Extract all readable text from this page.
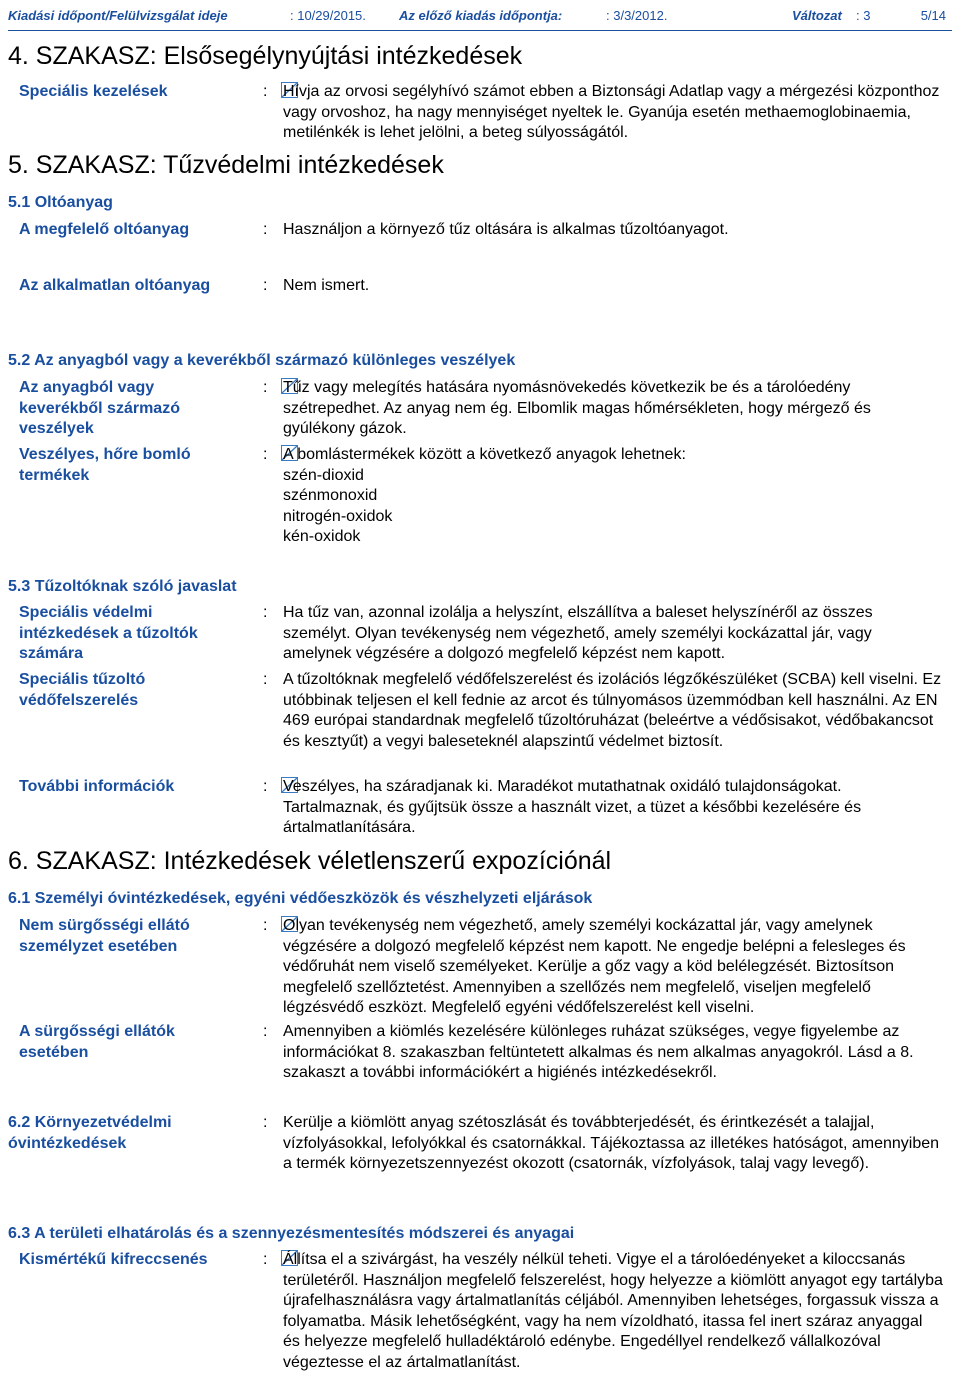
Kiadási időpont/Felülvizsgálat ideje	: 10/29/2015.	Az előző kiadás időpontja:	: 3/3/2012.	Változat : 3	5/14
4. SZAKASZ: Elsősegélynyújtási intézkedések
Speciális kezelések	: Hívja az orvosi segélyhívó számot ebben a Biztonsági Adatlap vagy a mérgezési központhoz vagy orvoshoz, ha nagy mennyiséget nyeltek le. Gyanúja esetén methaemoglobinaemia, metilénkék is lehet jelölni, a beteg súlyosságától.
5. SZAKASZ: Tűzvédelmi intézkedések
5.1 Oltóanyag
A megfelelő oltóanyag	: Használjon a környező tűz oltására is alkalmas tűzoltóanyagot.
Az alkalmatlan oltóanyag	: Nem ismert.
5.2 Az anyagból vagy a keverékből származó különleges veszélyek
Az anyagból vagy keverékből származó veszélyek
: Tűz vagy melegítés hatására nyomásnövekedés következik be és a tárolóedény szétrepedhet. Az anyag nem ég. Elbomlik magas hőmérsékleten, hogy mérgező és gyúlékony gázok.
Veszélyes, hőre bomló termékek
: A bomlástermékek között a következő anyagok lehetnek:
szén-dioxid
szénmonoxid
nitrogén-oxidok
kén-oxidok
5.3 Tűzoltóknak szóló javaslat
Speciális védelmi intézkedések a tűzoltók számára
: Ha tűz van, azonnal izolálja a helyszínt, elszállítva a baleset helyszínéről az összes személyt. Olyan tevékenység nem végezhető, amely személyi kockázattal jár, vagy amelynek végzésére a dolgozó megfelelő képzést nem kapott.
Speciális tűzoltó védőfelszerelés
: A tűzoltóknak megfelelő védőfelszerelést és izolációs légzőkészüléket (SCBA) kell viselni. Ez utóbbinak teljesen el kell fednie az arcot és túlnyomásos üzemmódban kell használni. Az EN 469 európai standardnak megfelelő tűzoltóruházat (beleértve a védősisakot, védőbakancsot és kesztyűt) a vegyi baleseteknél alapszintű védelmet biztosít.
További információk	: Veszélyes, ha száradjanak ki. Maradékot mutathatnak oxidáló tulajdonságokat. Tartalmaznak, és gyűjtsük össze a használt vizet, a tüzet a későbbi kezelésére és ártalmatlanítására.
6. SZAKASZ: Intézkedések véletlenszerű expozíciónál
6.1 Személyi óvintézkedések, egyéni védőeszközök és vészhelyzeti eljárások
Nem sürgősségi ellátó személyzet esetében
: Olyan tevékenység nem végezhető, amely személyi kockázattal jár, vagy amelynek végzésére a dolgozó megfelelő képzést nem kapott. Ne engedje belépni a felesleges és védőruhát nem viselő személyeket. Kerülje a gőz vagy a köd belélegzését. Biztosítson megfelelő szellőztetést. Amennyiben a szellőzés nem megfelelő, viseljen megfelelő légzésvédő eszközt. Megfelelő egyéni védőfelszerelést kell viselni.
A sürgősségi ellátók esetében
: Amennyiben a kiömlés kezelésére különleges ruházat szükséges, vegye figyelembe az információkat 8. szakaszban feltüntetett alkalmas és nem alkalmas anyagokról. Lásd a 8. szakaszt a további információkért a higiénés intézkedésekről.
6.2 Környezetvédelmi óvintézkedések
: Kerülje a kiömlött anyag szétoszlását és továbbterjedését, és érintkezését a talajjal, vízfolyásokkal, lefolyókkal és csatornákkal. Tájékoztassa az illetékes hatóságot, amennyiben a termék környezetszennyezést okozott (csatornák, vízfolyások, talaj vagy levegő).
6.3 A területi elhatárolás és a szennyezésmentesítés módszerei és anyagai
Kismértékű kifreccsenés	: Állítsa el a szivárgást, ha veszély nélkül teheti. Vigye el a tárolóedényeket a kiloccsanás területéről. Használjon megfelelő felszerelést, hogy helyezze a kiömlött anyagot egy tartályba újrafelhasználásra vagy ártalmatlanítás céljából. Amennyiben lehetséges, forgassuk vissza a folyamatba. Másik lehetőségként, vagy ha nem vízoldható, itassa fel inert száraz anyaggal és helyezze megfelelő hulladéktároló edénybe. Engedéllyel rendelkező vállalkozóval végeztesse el az ártalmatlanítást.
